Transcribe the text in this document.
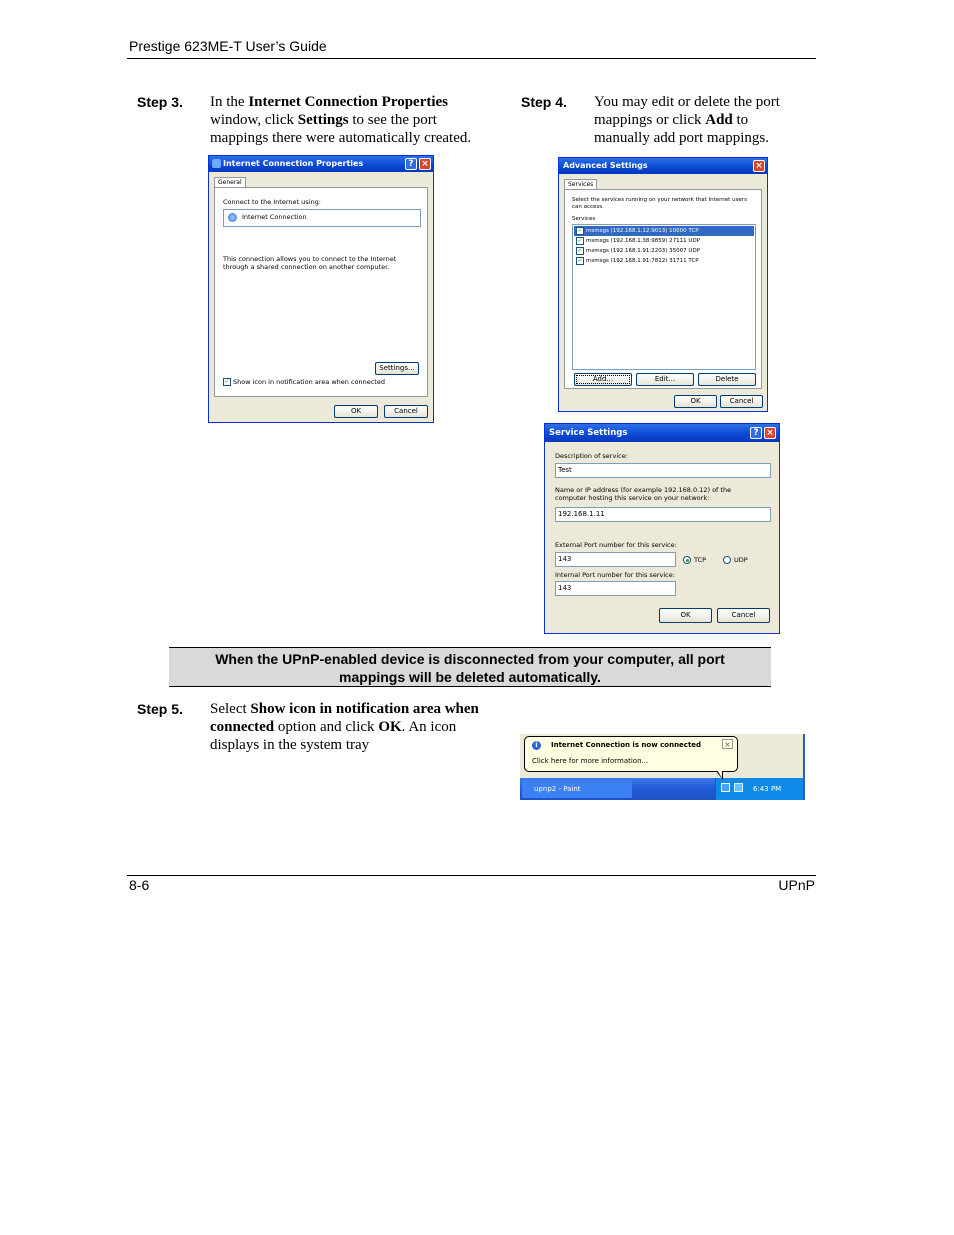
Prestige 623ME-T User’s Guide
Step 3. In the Internet Connection Properties window, click Settings to see the port mappings there were automatically created.
Step 4. You may edit or delete the port mappings or click Add to manually add port mappings.
Internet Connection Properties	? ×
General
Connect to the Internet using:
Internet Connection
This connection allows you to connect to the Internet through a shared connection on another computer.
Settings...
✓ Show icon in notification area when connected
OK	Cancel
Advanced Settings	×
Services
Select the services running on your network that Internet users can access.
Services
✓ msmsgs (192.168.1.12:9013) 10000 TCP
✓ msmsgs (192.168.1.38:9859) 27111 UDP
✓ msmsgs (192.168.1.91:2203) 35007 UDP
✓ msmsgs (192.168.1.91:7812) 31711 TCP
Add...	Edit...	Delete
OK	Cancel
Service Settings	? ×
Description of service:
Test
Name or IP address (for example 192.168.0.12) of the computer hosting this service on your network:
192.168.1.11
External Port number for this service:
143	TCP	UDP
Internal Port number for this service:
143
OK	Cancel
When the UPnP-enabled device is disconnected from your computer, all port
mappings will be deleted automatically.
Step 5. Select Show icon in notification area when connected option and click OK. An icon displays in the system tray
upnp2 - Paint	6:43 PM
i	Internet Connection is now connected	×
Click here for more information...
8-6	UPnP
